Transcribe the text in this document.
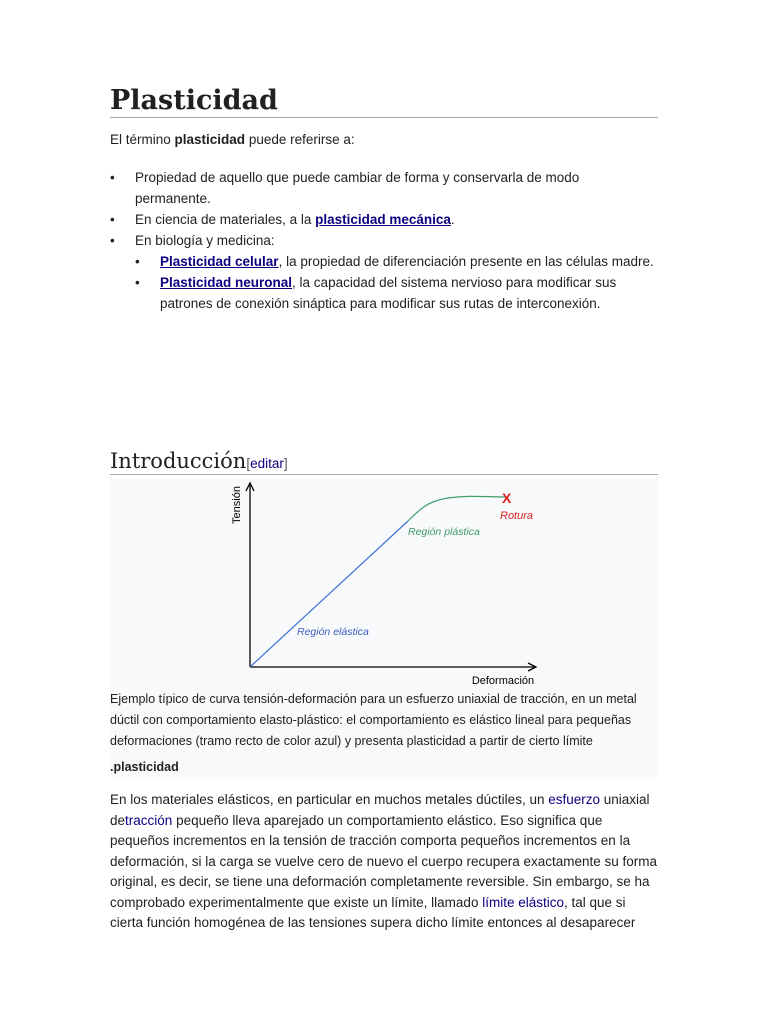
Plasticidad

El término plasticidad puede referirse a:

• Propiedad de aquello que puede cambiar de forma y conservarla de modo permanente.
• En ciencia de materiales, a la plasticidad mecánica.
• En biología y medicina:
• Plasticidad celular, la propiedad de diferenciación presente en las células madre.
• Plasticidad neuronal, la capacidad del sistema nervioso para modificar sus patrones de conexión sináptica para modificar sus rutas de interconexión.
Introducción[editar]
Tensión
Deformación
Región elástica
Región plástica
X
Rotura
Ejemplo típico de curva tensión-deformación para un esfuerzo uniaxial de tracción, en un metal dúctil con comportamiento elasto-plástico: el comportamiento es elástico lineal para pequeñas deformaciones (tramo recto de color azul) y presenta plasticidad a partir de cierto límite
.plasticidad

En los materiales elásticos, en particular en muchos metales dúctiles, un esfuerzo uniaxial detracción pequeño lleva aparejado un comportamiento elástico. Eso significa que pequeños incrementos en la tensión de tracción comporta pequeños incrementos en la deformación, si la carga se vuelve cero de nuevo el cuerpo recupera exactamente su forma original, es decir, se tiene una deformación completamente reversible. Sin embargo, se ha comprobado experimentalmente que existe un límite, llamado límite elástico, tal que si cierta función homogénea de las tensiones supera dicho límite entonces al desaparecer
